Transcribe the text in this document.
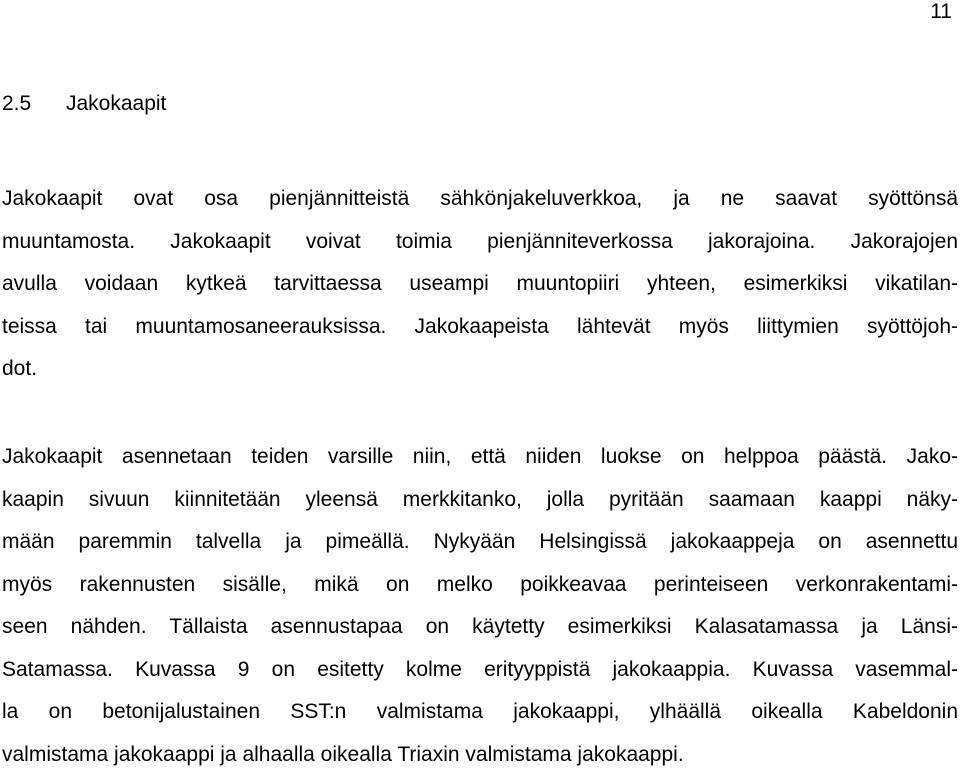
11
2.5 Jakokaapit
Jakokaapit ovat osa pienjännitteistä sähkönjakeluverkkoa, ja ne saavat syöttönsä
muuntamosta. Jakokaapit voivat toimia pienjänniteverkossa jakorajoina. Jakorajojen
avulla voidaan kytkeä tarvittaessa useampi muuntopiiri yhteen, esimerkiksi vikatilan-
teissa tai muuntamosaneerauksissa. Jakokaapeista lähtevät myös liittymien syöttöjoh-
dot.
Jakokaapit asennetaan teiden varsille niin, että niiden luokse on helppoa päästä. Jako-
kaapin sivuun kiinnitetään yleensä merkkitanko, jolla pyritään saamaan kaappi näky-
mään paremmin talvella ja pimeällä. Nykyään Helsingissä jakokaappeja on asennettu
myös rakennusten sisälle, mikä on melko poikkeavaa perinteiseen verkonrakentami-
seen nähden. Tällaista asennustapaa on käytetty esimerkiksi Kalasatamassa ja Länsi-
Satamassa. Kuvassa 9 on esitetty kolme erityyppistä jakokaappia. Kuvassa vasemmal-
la on betonijalustainen SST:n valmistama jakokaappi, ylhäällä oikealla Kabeldonin
valmistama jakokaappi ja alhaalla oikealla Triaxin valmistama jakokaappi.
